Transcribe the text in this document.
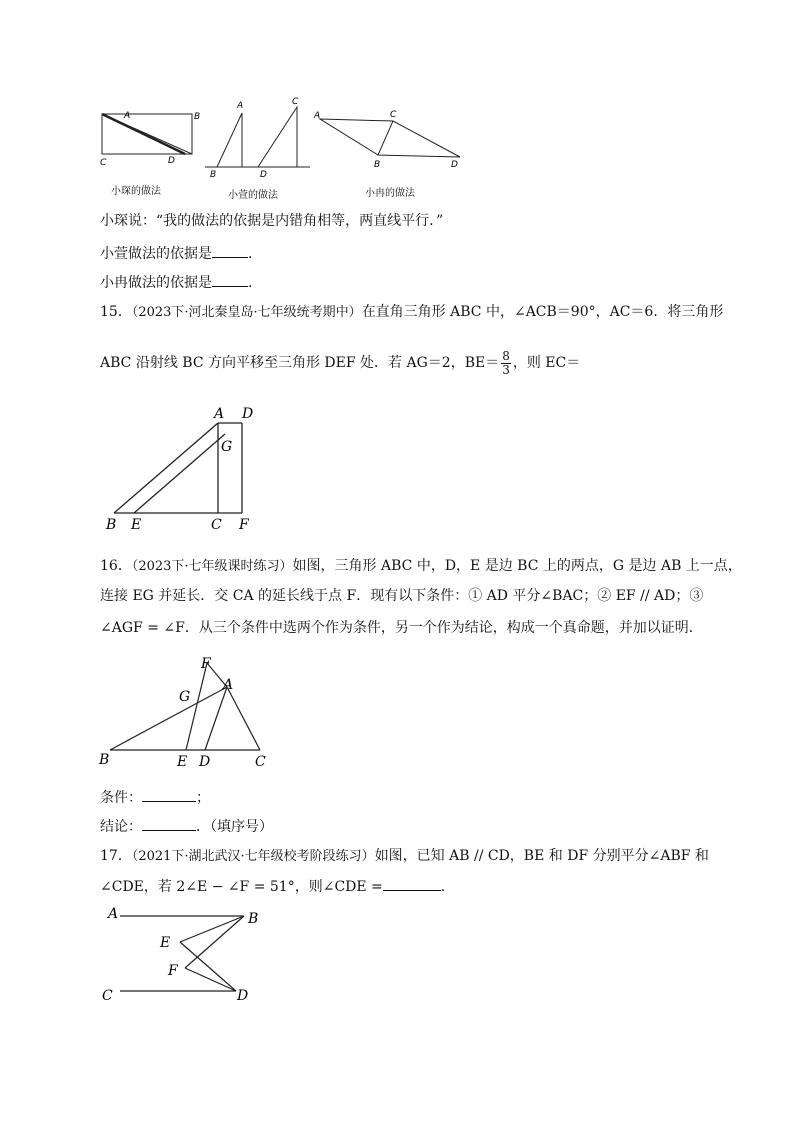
A	B
C	D
A	C
B	D
A	C
B	D
小琛的做法	小萱的做法	小冉的做法
小琛说：“我的做法的依据是内错角相等，两直线平行．”
小萱做法的依据是	．
小冉做法的依据是	．
15．（2023下·河北秦皇岛·七年级统考期中）在直角三角形 ABC 中，∠ACB＝90°，AC＝6．将三角形
ABC 沿射线 BC 方向平移至三角形 DEF 处．若 AG＝2，$BE= \frac{8}{3}$ ，则 EC＝
A D
G
B E	C F
16．（2023下·七年级课时练习）如图，三角形 ABC 中，D，E 是边 BC 上的两点，G 是边 AB 上一点，
连接 EG 并延长．交 CA 的延长线于点 F．现有以下条件：① AD 平分∠BAC；② EF // AD；③
∠AGF = ∠F．从三个条件中选两个作为条件，另一个作为结论，构成一个真命题，并加以证明．
F
A
G
B	E D	C
条件：	；
结论：	．（填序号）
17．（2021下·湖北武汉·七年级校考阶段练习）如图，已知 AB // CD，BE 和 DF 分别平分∠ABF 和
∠CDE，若 2∠E − ∠F = 51°，则∠CDE =	．
A	B
E
F
C	D
